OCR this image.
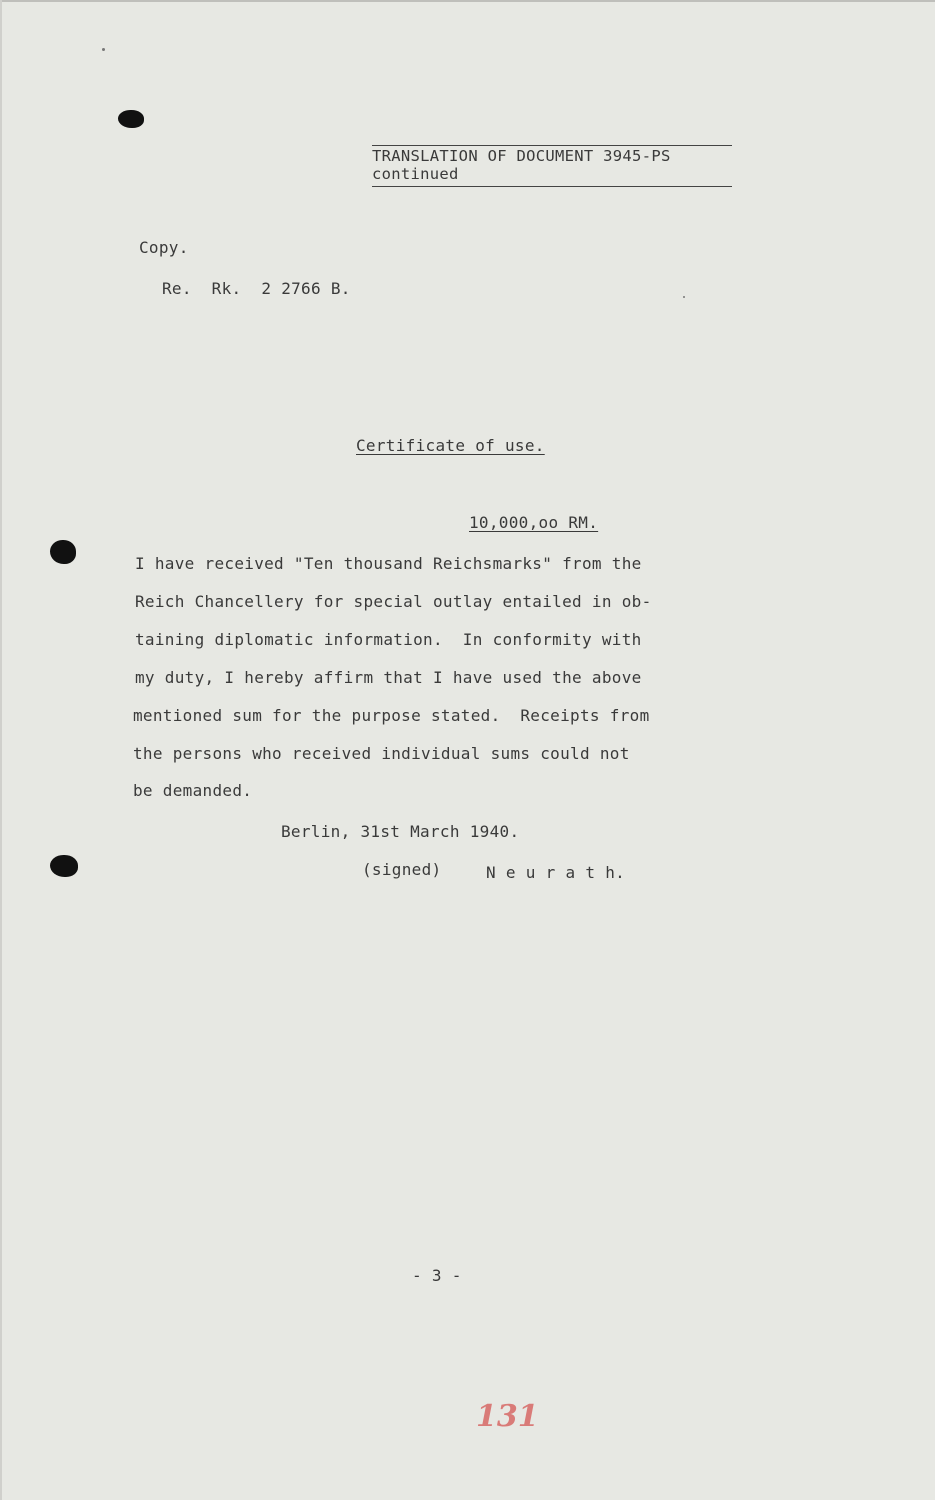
TRANSLATION OF DOCUMENT 3945-PS
continued
Copy.
Re.  Rk.  2 2766 B.
Certificate of use.
10,000,oo RM.
I have received "Ten thousand Reichsmarks" from the
Reich Chancellery for special outlay entailed in ob-
taining diplomatic information.  In conformity with
my duty, I hereby affirm that I have used the above
mentioned sum for the purpose stated.  Receipts from
the persons who received individual sums could not
be demanded.
Berlin, 31st March 1940.
(signed)	N e u r a t h.
- 3 -
131
